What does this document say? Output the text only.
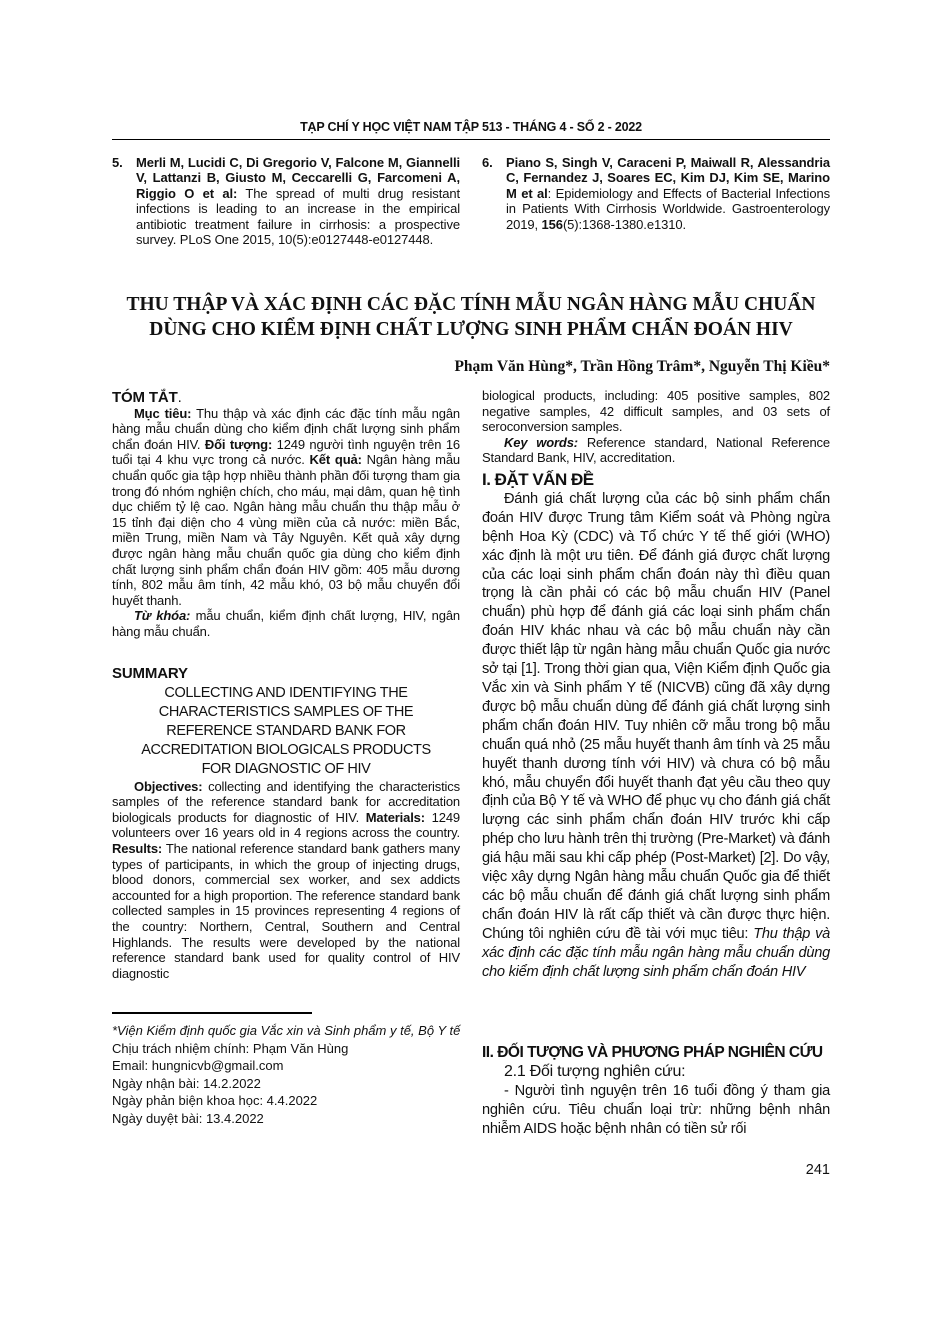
TẠP CHÍ Y HỌC VIỆT NAM TẬP 513 - THÁNG 4 - SỐ 2 - 2022
5. Merli M, Lucidi C, Di Gregorio V, Falcone M, Giannelli V, Lattanzi B, Giusto M, Ceccarelli G, Farcomeni A, Riggio O et al: The spread of multi drug resistant infections is leading to an increase in the empirical antibiotic treatment failure in cirrhosis: a prospective survey. PLoS One 2015, 10(5):e0127448-e0127448.
6. Piano S, Singh V, Caraceni P, Maiwall R, Alessandria C, Fernandez J, Soares EC, Kim DJ, Kim SE, Marino M et al: Epidemiology and Effects of Bacterial Infections in Patients With Cirrhosis Worldwide. Gastroenterology 2019, 156(5):1368-1380.e1310.
THU THẬP VÀ XÁC ĐỊNH CÁC ĐẶC TÍNH MẪU NGÂN HÀNG MẪU CHUẨN
DÙNG CHO KIỂM ĐỊNH CHẤT LƯỢNG SINH PHẨM CHẨN ĐOÁN HIV
Phạm Văn Hùng*, Trần Hồng Trâm*, Nguyễn Thị Kiều*
TÓM TẮT.

Mục tiêu: Thu thập và xác định các đặc tính mẫu ngân hàng mẫu chuẩn dùng cho kiểm định chất lượng sinh phẩm chẩn đoán HIV. Đối tượng: 1249 người tình nguyện trên 16 tuổi tại 4 khu vực trong cả nước. Kết quả: Ngân hàng mẫu chuẩn quốc gia tập hợp nhiều thành phần đối tượng tham gia trong đó nhóm nghiện chích, cho máu, mại dâm, quan hệ tình dục chiếm tỷ lệ cao. Ngân hàng mẫu chuẩn thu thập mẫu ở 15 tỉnh đại diện cho 4 vùng miền của cả nước: miền Bắc, miền Trung, miền Nam và Tây Nguyên. Kết quả xây dựng được ngân hàng mẫu chuẩn quốc gia dùng cho kiểm định chất lượng sinh phẩm chẩn đoán HIV gồm: 405 mẫu dương tính, 802 mẫu âm tính, 42 mẫu khó, 03 bộ mẫu chuyển đổi huyết thanh.

Từ khóa: mẫu chuẩn, kiểm định chất lượng, HIV, ngân hàng mẫu chuẩn.

SUMMARY
COLLECTING AND IDENTIFYING THE
CHARACTERISTICS SAMPLES OF THE
REFERENCE STANDARD BANK FOR
ACCREDITATION BIOLOGICALS PRODUCTS
FOR DIAGNOSTIC OF HIV

Objectives: collecting and identifying the characteristics samples of the reference standard bank for accreditation biologicals products for diagnostic of HIV. Materials: 1249 volunteers over 16 years old in 4 regions across the country. Results: The national reference standard bank gathers many types of participants, in which the group of injecting drugs, blood donors, commercial sex worker, and sex addicts accounted for a high proportion. The reference standard bank collected samples in 15 provinces representing 4 regions of the country: Northern, Central, Southern and Central Highlands. The results were developed by the national reference standard bank used for quality control of HIV diagnostic

*Viện Kiểm định quốc gia Vắc xin và Sinh phẩm y tế, Bộ Y tế
Chịu trách nhiệm chính: Phạm Văn Hùng
Email: hungnicvb@gmail.com
Ngày nhận bài: 14.2.2022
Ngày phản biện khoa học: 4.4.2022
Ngày duyệt bài: 13.4.2022
biological products, including: 405 positive samples, 802 negative samples, 42 difficult samples, and 03 sets of seroconversion samples.

Key words: Reference standard, National Reference Standard Bank, HIV, accreditation.

I. ĐẶT VẤN ĐỀ

Đánh giá chất lượng của các bộ sinh phẩm chẩn đoán HIV được Trung tâm Kiểm soát và Phòng ngừa bệnh Hoa Kỳ (CDC) và Tổ chức Y tế thế giới (WHO) xác định là một ưu tiên. Để đánh giá được chất lượng của các loại sinh phẩm chẩn đoán này thì điều quan trọng là cần phải có các bộ mẫu chuẩn HIV (Panel chuẩn) phù hợp để đánh giá các loại sinh phẩm chẩn đoán HIV khác nhau và các bộ mẫu chuẩn này cần được thiết lập từ ngân hàng mẫu chuẩn Quốc gia nước sở tại [1]. Trong thời gian qua, Viện Kiểm định Quốc gia Vắc xin và Sinh phẩm Y tế (NICVB) cũng đã xây dựng được bộ mẫu chuẩn dùng để đánh giá chất lượng sinh phẩm chẩn đoán HIV. Tuy nhiên cỡ mẫu trong bộ mẫu chuẩn quá nhỏ (25 mẫu huyết thanh âm tính và 25 mẫu huyết thanh dương tính với HIV) và chưa có bộ mẫu khó, mẫu chuyển đổi huyết thanh đạt yêu cầu theo quy định của Bộ Y tế và WHO để phục vụ cho đánh giá chất lượng các sinh phẩm chẩn đoán HIV trước khi cấp phép cho lưu hành trên thị trường (Pre-Market) và đánh giá hậu mãi sau khi cấp phép (Post-Market) [2]. Do vậy, việc xây dựng Ngân hàng mẫu chuẩn Quốc gia để thiết các bộ mẫu chuẩn để đánh giá chất lượng sinh phẩm chẩn đoán HIV là rất cấp thiết và cần được thực hiện. Chúng tôi nghiên cứu đề tài với mục tiêu: Thu thập và xác định các đặc tính mẫu ngân hàng mẫu chuẩn dùng cho kiểm định chất lượng sinh phẩm chẩn đoán HIV

II. ĐỐI TƯỢNG VÀ PHƯƠNG PHÁP NGHIÊN CỨU
2.1 Đối tượng nghiên cứu:

- Người tình nguyện trên 16 tuổi đồng ý tham gia nghiên cứu. Tiêu chuẩn loại trừ: những bệnh nhân nhiễm AIDS hoặc bệnh nhân có tiền sử rối

241
